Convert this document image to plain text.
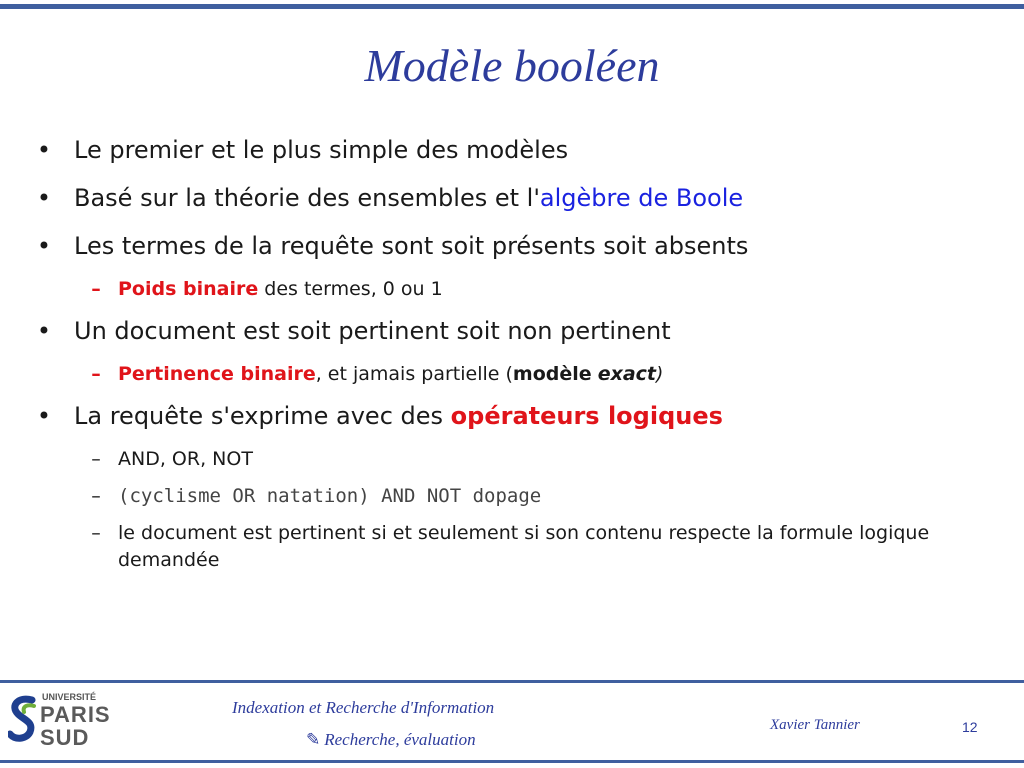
Modèle booléen
• Le premier et le plus simple des modèles
• Basé sur la théorie des ensembles et l'algèbre de Boole
• Les termes de la requête sont soit présents soit absents
– Poids binaire des termes, 0 ou 1
• Un document est soit pertinent soit non pertinent
– Pertinence binaire, et jamais partielle (modèle exact)
• La requête s'exprime avec des opérateurs logiques
– AND, OR, NOT
– (cyclisme OR natation) AND NOT dopage
– le document est pertinent si et seulement si son contenu respecte la formule logique demandée
UNIVERSITÉ
PARIS
SUD
Indexation et Recherche d'Information
✎ Recherche, évaluation
Xavier Tannier	12
